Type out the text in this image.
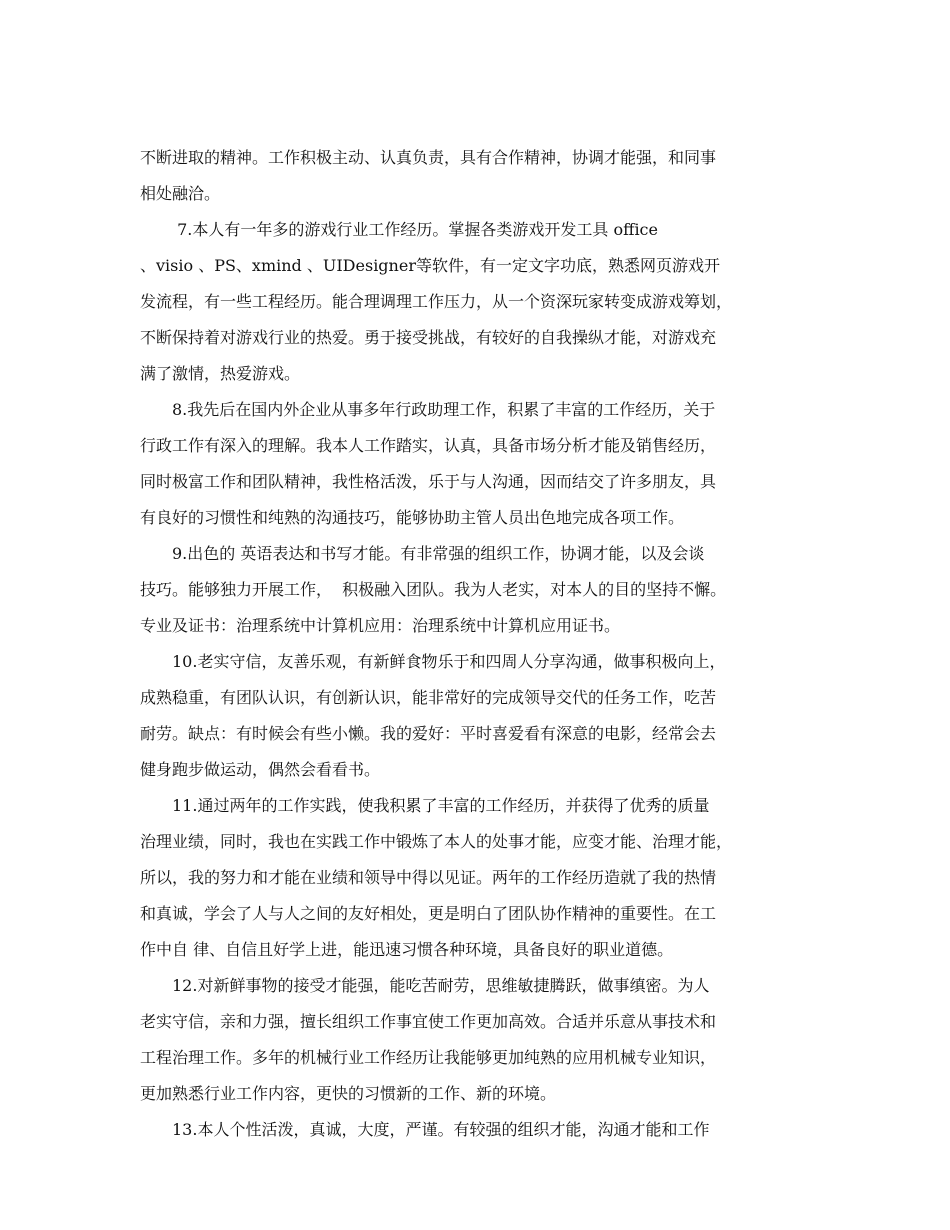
不断进取的精神。工作积极主动、认真负责，具有合作精神，协调才能强，和同事
相处融洽。
7.本人有一年多的游戏行业工作经历。掌握各类游戏开发工具 office
、visio 、PS、xmind 、UIDesigner等软件，有一定文字功底，熟悉网页游戏开
发流程，有一些工程经历。能合理调理工作压力，从一个资深玩家转变成游戏筹划，
不断保持着对游戏行业的热爱。勇于接受挑战，有较好的自我操纵才能，对游戏充
满了激情，热爱游戏。
8.我先后在国内外企业从事多年行政助理工作，积累了丰富的工作经历，关于
行政工作有深入的理解。我本人工作踏实，认真，具备市场分析才能及销售经历，
同时极富工作和团队精神，我性格活泼，乐于与人沟通，因而结交了许多朋友，具
有良好的习惯性和纯熟的沟通技巧，能够协助主管人员出色地完成各项工作。
9.出色的 英语表达和书写才能。有非常强的组织工作，协调才能，以及会谈
技巧。能够独力开展工作，  积极融入团队。我为人老实，对本人的目的坚持不懈。
专业及证书：治理系统中计算机应用：治理系统中计算机应用证书。
10.老实守信，友善乐观，有新鲜食物乐于和四周人分享沟通，做事积极向上，
成熟稳重，有团队认识，有创新认识，能非常好的完成领导交代的任务工作，吃苦
耐劳。缺点：有时候会有些小懒。我的爱好：平时喜爱看有深意的电影，经常会去
健身跑步做运动，偶然会看看书。
11.通过两年的工作实践，使我积累了丰富的工作经历，并获得了优秀的质量
治理业绩，同时，我也在实践工作中锻炼了本人的处事才能，应变才能、治理才能，
所以，我的努力和才能在业绩和领导中得以见证。两年的工作经历造就了我的热情
和真诚，学会了人与人之间的友好相处，更是明白了团队协作精神的重要性。在工
作中自 律、自信且好学上进，能迅速习惯各种环境，具备良好的职业道德。
12.对新鲜事物的接受才能强，能吃苦耐劳，思维敏捷腾跃，做事缜密。为人
老实守信，亲和力强，擅长组织工作事宜使工作更加高效。合适并乐意从事技术和
工程治理工作。多年的机械行业工作经历让我能够更加纯熟的应用机械专业知识，
更加熟悉行业工作内容，更快的习惯新的工作、新的环境。
13.本人个性活泼，真诚，大度，严谨。有较强的组织才能，沟通才能和工作
